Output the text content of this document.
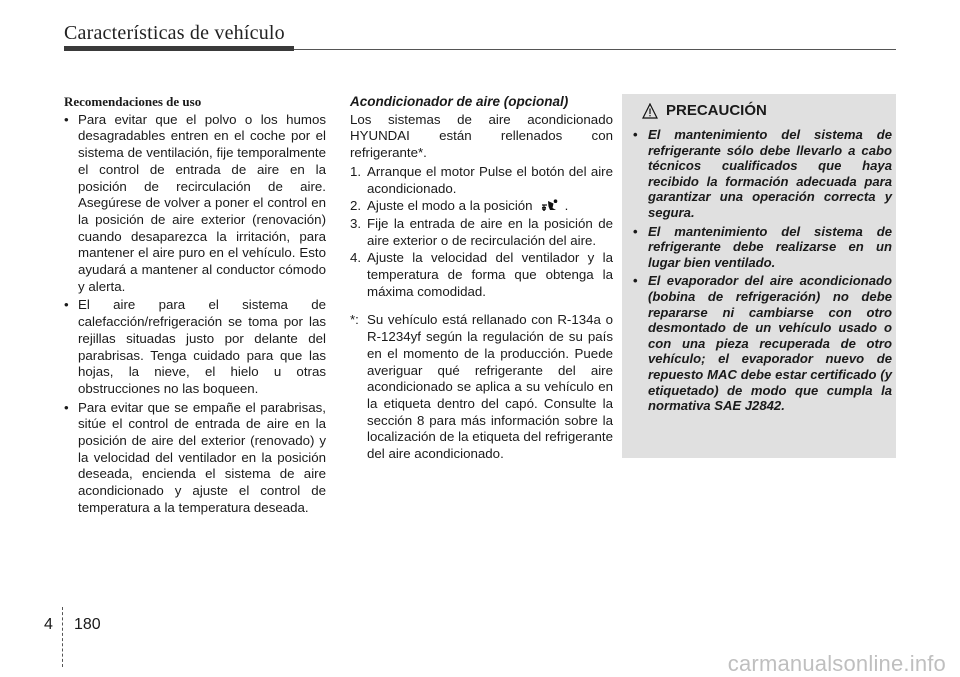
Características de vehículo
Recomendaciones de uso
• Para evitar que el polvo o los humos desagradables entren en el coche por el sistema de ventilación, fije temporalmente el control de entrada de aire en la posición de recirculación de aire. Asegúrese de volver a poner el control en la posición de aire exterior (renovación) cuando desaparezca la irritación, para mantener el aire puro en el vehículo. Esto ayudará a mantener al conductor cómodo y alerta.
• El aire para el sistema de calefacción/refrigeración se toma por las rejillas situadas justo por delante del parabrisas. Tenga cuidado para que las hojas, la nieve, el hielo u otras obstrucciones no las boqueen.
• Para evitar que se empañe el parabrisas, sitúe el control de entrada de aire en la posición de aire del exterior (renovado) y la velocidad del ventilador en la posición deseada, encienda el sistema de aire acondicionado y ajuste el control de temperatura a la temperatura deseada.
Acondicionador de aire (opcional)

Los sistemas de aire acondicionado HYUNDAI están rellenados con refrigerante*.

1. Arranque el motor Pulse el botón del aire acondicionado.
2. Ajuste el modo a la posición .
3. Fije la entrada de aire en la posición de aire exterior o de recirculación del aire.
4. Ajuste la velocidad del ventilador y la temperatura de forma que obtenga la máxima comodidad.
*: Su vehículo está rellanado con R-134a o R-1234yf según la regulación de su país en el momento de la producción. Puede averiguar qué refrigerante del aire acondicionado se aplica a su vehículo en la etiqueta dentro del capó. Consulte la sección 8 para más información sobre la localización de la etiqueta del refrigerante del aire acondicionado.
PRECAUCIÓN
• El mantenimiento del sistema de refrigerante sólo debe llevarlo a cabo técnicos cualificados que haya recibido la formación adecuada para garantizar una operación correcta y segura.
• El mantenimiento del sistema de refrigerante debe realizarse en un lugar bien ventilado.
• El evaporador del aire acondicionado (bobina de refrigeración) no debe repararse ni cambiarse con otro desmontado de un vehículo usado o con una pieza recuperada de otro vehículo; el evaporador nuevo de repuesto MAC debe estar certificado (y etiquetado) de modo que cumpla la normativa SAE J2842.
4 180
carmanualsonline.info
